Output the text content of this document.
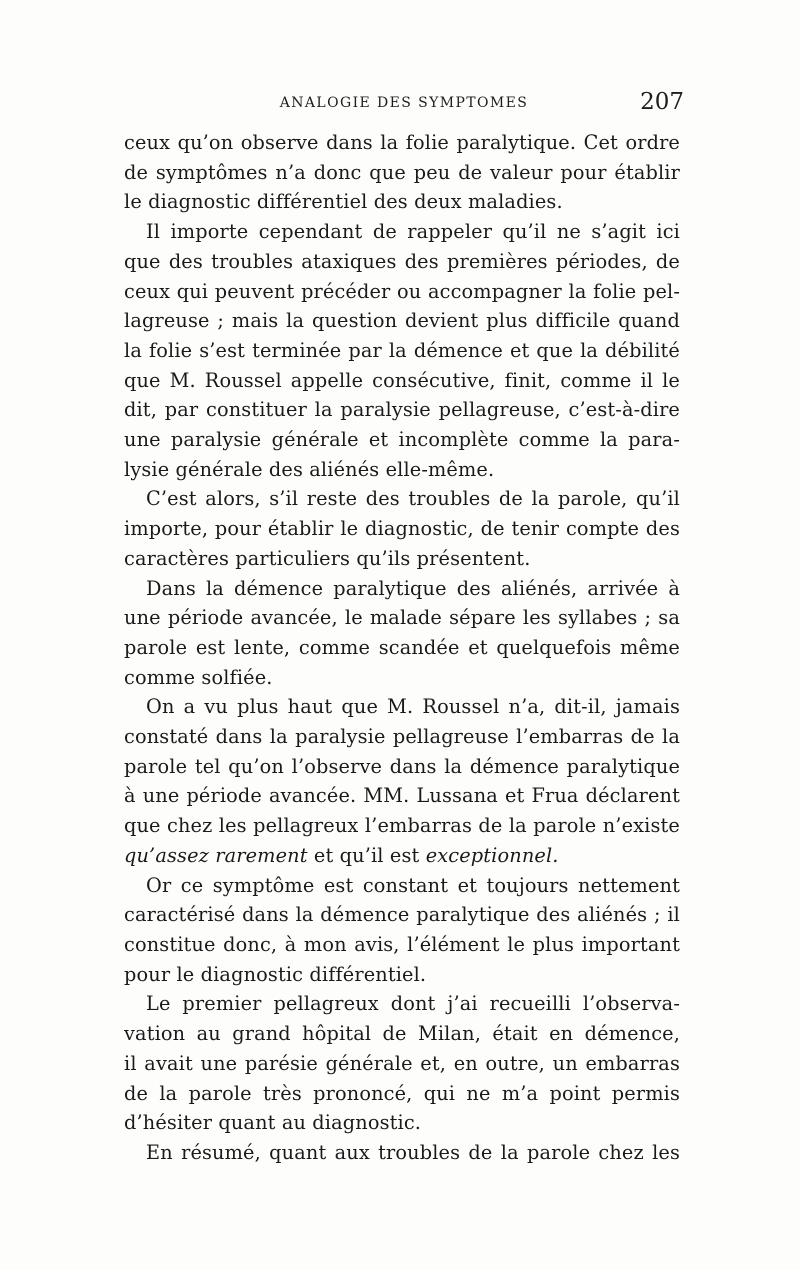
ANALOGIE DES SYMPTOMES	207
ceux qu’on observe dans la folie paralytique. Cet ordre
de symptômes n’a donc que peu de valeur pour établir
le diagnostic différentiel des deux maladies.
Il importe cependant de rappeler qu’il ne s’agit ici
que des troubles ataxiques des premières périodes, de
ceux qui peuvent précéder ou accompagner la folie pel-
lagreuse ; mais la question devient plus difficile quand
la folie s’est terminée par la démence et que la débilité
que M. Roussel appelle consécutive, finit, comme il le
dit, par constituer la paralysie pellagreuse, c’est-à-dire
une paralysie générale et incomplète comme la para-
lysie générale des aliénés elle-même.
C’est alors, s’il reste des troubles de la parole, qu’il
importe, pour établir le diagnostic, de tenir compte des
caractères particuliers qu’ils présentent.
Dans la démence paralytique des aliénés, arrivée à
une période avancée, le malade sépare les syllabes ; sa
parole est lente, comme scandée et quelquefois même
comme solfiée.
On a vu plus haut que M. Roussel n’a, dit-il, jamais
constaté dans la paralysie pellagreuse l’embarras de la
parole tel qu’on l’observe dans la démence paralytique
à une période avancée. MM. Lussana et Frua déclarent
que chez les pellagreux l’embarras de la parole n’existe
qu’assez rarement et qu’il est exceptionnel.
Or ce symptôme est constant et toujours nettement
caractérisé dans la démence paralytique des aliénés ; il
constitue donc, à mon avis, l’élément le plus important
pour le diagnostic différentiel.
Le premier pellagreux dont j’ai recueilli l’observa-
vation au grand hôpital de Milan, était en démence,
il avait une parésie générale et, en outre, un embarras
de la parole très prononcé, qui ne m’a point permis
d’hésiter quant au diagnostic.
En résumé, quant aux troubles de la parole chez les
